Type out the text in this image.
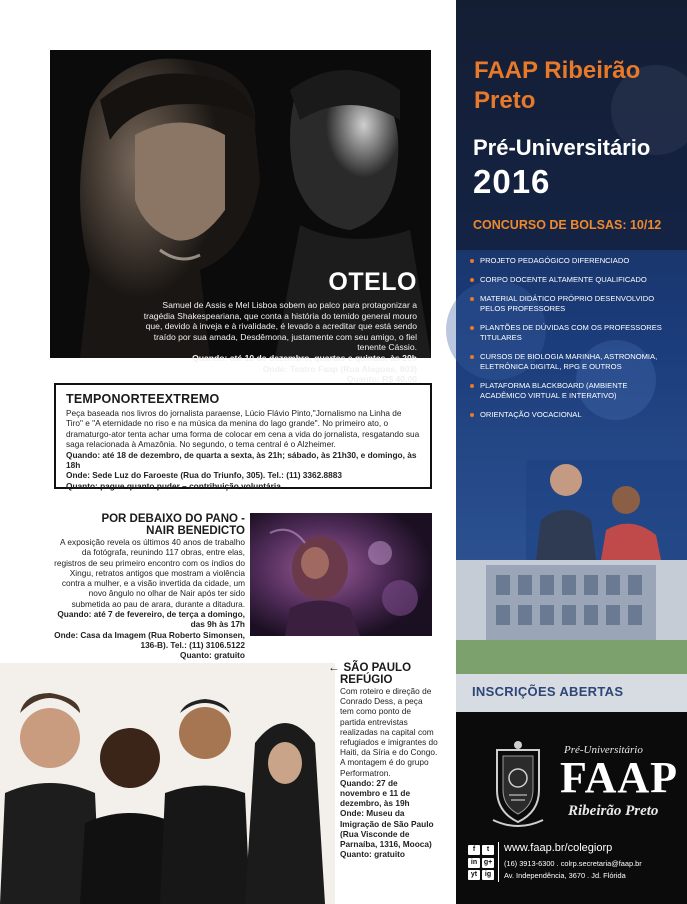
OTELO
Samuel de Assis e Mel Lisboa sobem ao palco para protagonizar a tragédia Shakespeariana, que conta a história do temido general mouro que, devido à inveja e à rivalidade, é levado a acreditar que está sendo traído por sua amada, Desdêmona, justamente com seu amigo, o fiel tenente Cássio.
Quando: até 10 de dezembro, quartas e quintas, às 20h
Onde: Teatro Faap (Rua Alagoas, 903)
Quanto: R$ 40,00
TEMPONORTEEXTREMO

Peça baseada nos livros do jornalista paraense, Lúcio Flávio Pinto,"Jornalismo na Linha de Tiro" e "A eternidade no riso e na música da menina do lago grande". No primeiro ato, o dramaturgo-ator tenta achar uma forma de colocar em cena a vida do jornalista, resgatando sua saga relacionada à Amazônia. No segundo, o tema central é o Alzheimer.

Quando: até 18 de dezembro, de quarta a sexta, às 21h; sábado, às 21h30, e domingo, às 18h

Onde: Sede Luz do Faroeste (Rua do Triunfo, 305). Tel.: (11) 3362.8883

Quanto: pague quanto puder – contribuição voluntária

POR DEBAIXO DO PANO -
NAIR BENEDICTO
A exposição revela os últimos 40 anos de trabalho da fotógrafa, reunindo 117 obras, entre elas, registros de seu primeiro encontro com os índios do Xingu, retratos antigos que mostram a violência contra a mulher, e a visão invertida da cidade, um novo ângulo no olhar de Nair após ter sido submetida ao pau de arara, durante a ditadura.
Quando: até 7 de fevereiro, de terça a domingo, das 9h às 17h
Onde: Casa da Imagem (Rua Roberto Simonsen, 136-B). Tel.: (11) 3106.5122
Quanto: gratuito
← SÃO PAULO
REFÚGIO
Com roteiro e direção de Conrado Dess, a peça tem como ponto de partida entrevistas realizadas na capital com refugiados e imigrantes do Haiti, da Síria e do Congo. A montagem é do grupo Performatron.
Quando: 27 de novembro e 11 de dezembro, às 19h
Onde: Museu da Imigração de São Paulo (Rua Visconde de Parnaíba, 1316, Mooca)
Quanto: gratuito
FAAP Ribeirão
Preto
Pré-Universitário
2016
CONCURSO DE BOLSAS: 10/12
PROJETO PEDAGÓGICO DIFERENCIADO
CORPO DOCENTE ALTAMENTE QUALIFICADO
MATERIAL DIDÁTICO PRÓPRIO DESENVOLVIDO PELOS PROFESSORES
PLANTÕES DE DÚVIDAS COM OS PROFESSORES TITULARES
CURSOS DE BIOLOGIA MARINHA, ASTRONOMIA, ELETRÔNICA DIGITAL, RPG E OUTROS
PLATAFORMA BLACKBOARD (AMBIENTE ACADÊMICO VIRTUAL E INTERATIVO)
ORIENTAÇÃO VOCACIONAL
INSCRIÇÕES ABERTAS
Pré-Universitário
FAAP
Ribeirão Preto
f	t
in g+
yt	ig
www.faap.br/colegiorp
(16) 3913-6300 . colrp.secretaria@faap.br
Av. Independência, 3670 . Jd. Flórida
